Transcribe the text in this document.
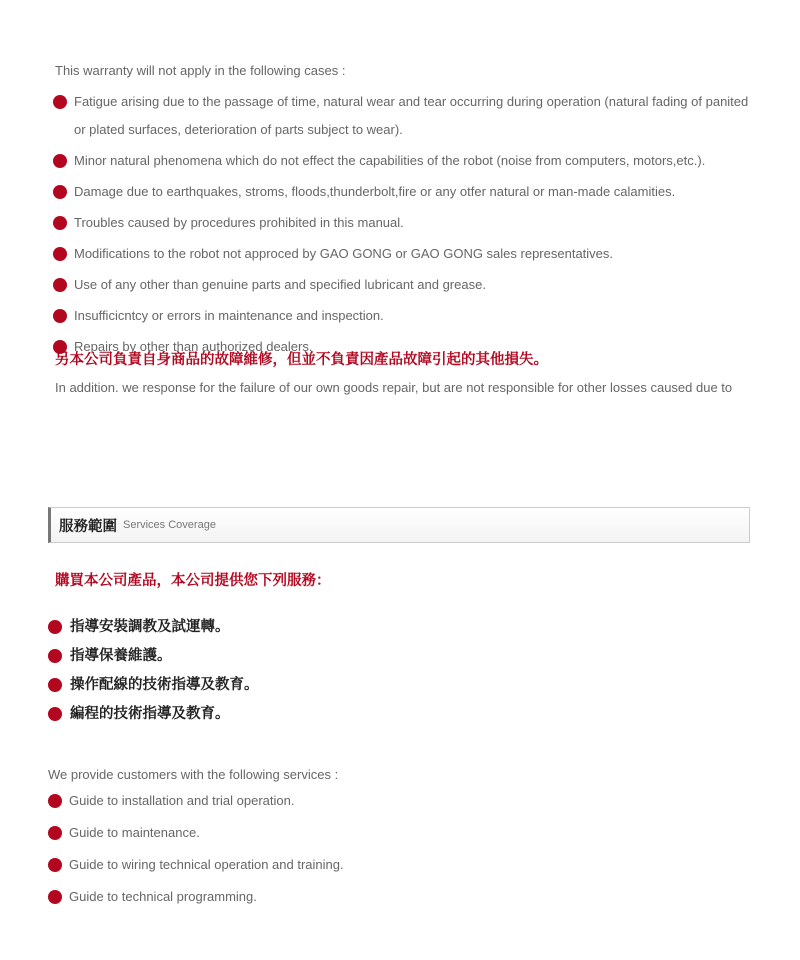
This warranty will not apply in the following cases :

Fatigue arising due to the passage of time, natural wear and tear occurring during operation (natural fading of panited or plated surfaces, deterioration of parts subject to wear).
Minor natural phenomena which do not effect the capabilities of the robot (noise from computers, motors,etc.).
Damage due to earthquakes, stroms, floods,thunderbolt,fire or any otfer natural or man-made calamities.
Troubles caused by procedures prohibited in this manual.
Modifications to the robot not approced by GAO GONG or GAO GONG sales representatives.
Use of any other than genuine parts and specified lubricant and grease.
Insufficicntcy or errors in maintenance and inspection.
Repairs by other than authorized dealers.

另本公司負責自身商品的故障維修，但並不負責因產品故障引起的其他損失。

In addition. we response for the failure of our own goods repair, but are not responsible for other losses caused due to

服務範圍 Services Coverage

購買本公司產品，本公司提供您下列服務：

指導安裝調教及試運轉。
指導保養維護。
操作配線的技術指導及教育。
編程的技術指導及教育。

We provide customers with the following services :

Guide to installation and trial operation.
Guide to maintenance.
Guide to wiring technical operation and training.
Guide to technical programming.
